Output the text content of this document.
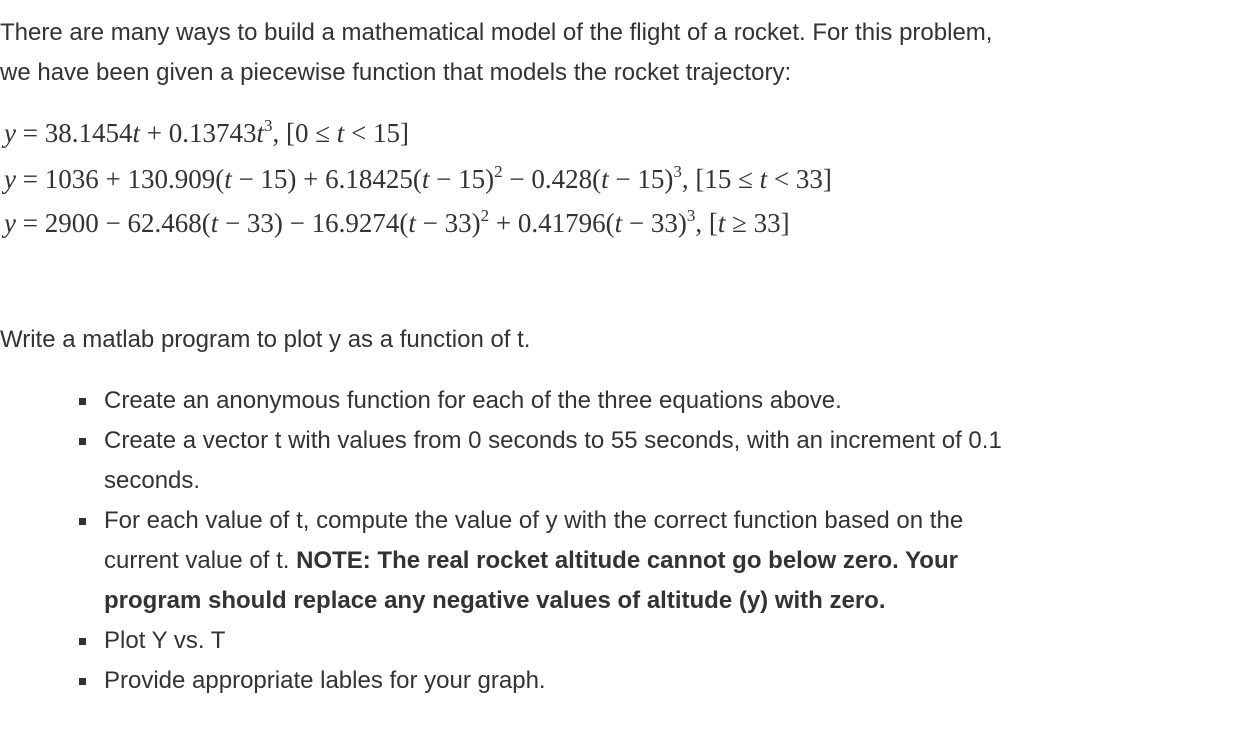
There are many ways to build a mathematical model of the flight of a rocket. For this problem,
we have been given a piecewise function that models the rocket trajectory:
$y = 38.1454t + 0.13743t^3$, [0 ≤ t < 15]
$y = 1036 + 130.909(t - 15) + 6.18425(t - 15)^2 - 0.428(t - 15)^3$, [15 ≤ t < 33]
$y = 2900 - 62.468(t - 33) - 16.9274(t - 33)^2 + 0.41796(t - 33)^3$, [t ≥ 33]
Write a matlab program to plot y as a function of t.
Create an anonymous function for each of the three equations above.
Create a vector t with values from 0 seconds to 55 seconds, with an increment of 0.1
seconds.
For each value of t, compute the value of y with the correct function based on the
current value of t. NOTE: The real rocket altitude cannot go below zero. Your
program should replace any negative values of altitude (y) with zero.
Plot Y vs. T
Provide appropriate lables for your graph.
